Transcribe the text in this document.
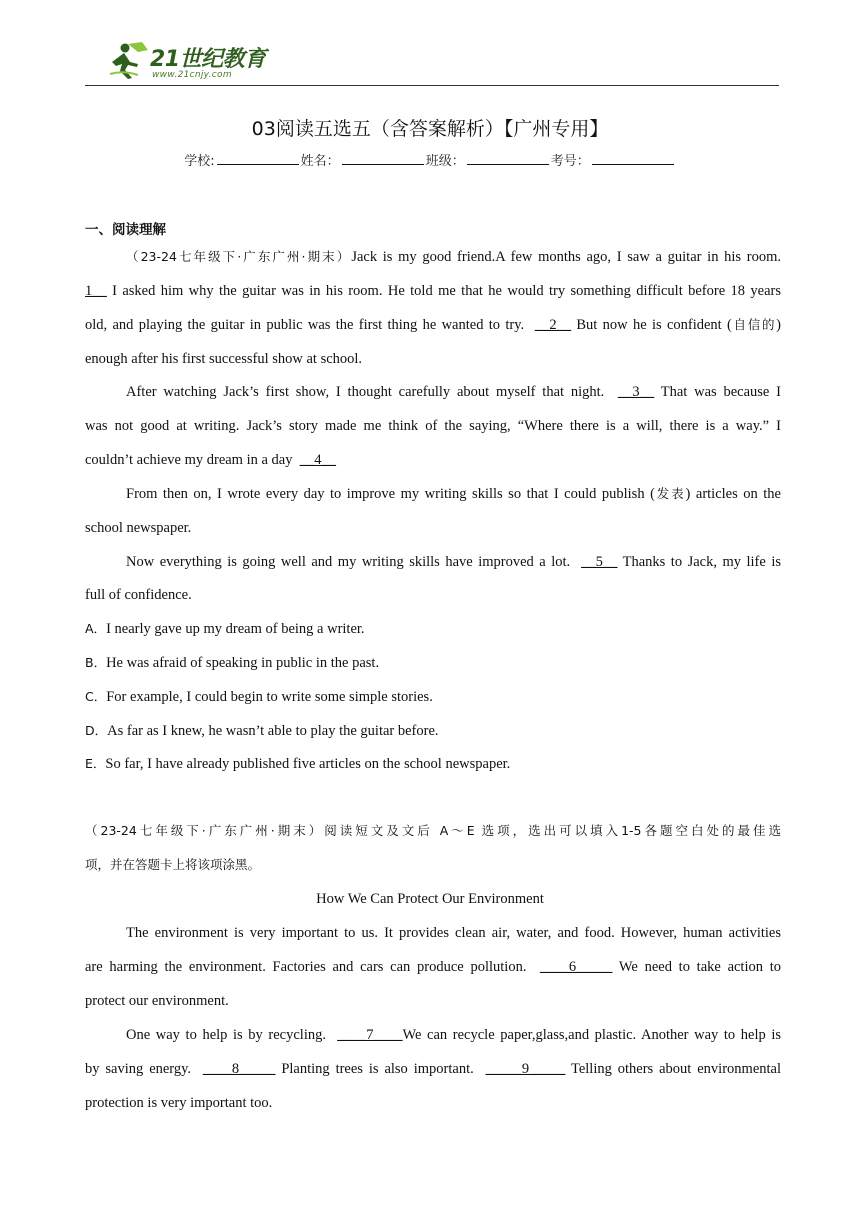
21世纪教育
www.21cnjy.com
03阅读五选五（含答案解析）【广州专用】
学校:	姓名：	班级：	考号：
一、阅读理解
（23-24七年级下·广东广州·期末）Jack is my good friend.A few months ago, I saw a guitar in his room.
1__ I asked him why the guitar was in his room. He told me that he would try something difficult before 18 years
old, and playing the guitar in public was the first thing he wanted to try. __2__ But now he is confident (自信的)
enough after his first successful show at school.
After watching Jack’s first show, I thought carefully about myself that night. __3__ That was because I
was not good at writing. Jack’s story made me think of the saying, “Where there is a will, there is a way.” I
couldn’t achieve my dream in a day __4__
From then on, I wrote every day to improve my writing skills so that I could publish (发表) articles on the
school newspaper.
Now everything is going well and my writing skills have improved a lot. __5__ Thanks to Jack, my life is
full of confidence.
A．I nearly gave up my dream of being a writer.
B．He was afraid of speaking in public in the past.
C．For example, I could begin to write some simple stories.
D．As far as I knew, he wasn’t able to play the guitar before.
E．So far, I have already published five articles on the school newspaper.
（23-24七年级下·广东广州·期末）阅读短文及文后 A～E 选项，选出可以填入1-5各题空白处的最佳选
项，并在答题卡上将该项涂黑。
How We Can Protect Our Environment
The environment is very important to us. It provides clean air, water, and food. However, human activities
are harming the environment. Factories and cars can produce pollution. ____6_____ We need to take action to
protect our environment.
One way to help is by recycling. ____7____We can recycle paper,glass,and plastic. Another way to help is
by saving energy. ____8_____ Planting trees is also important. _____9_____ Telling others about environmental
protection is very important too.
